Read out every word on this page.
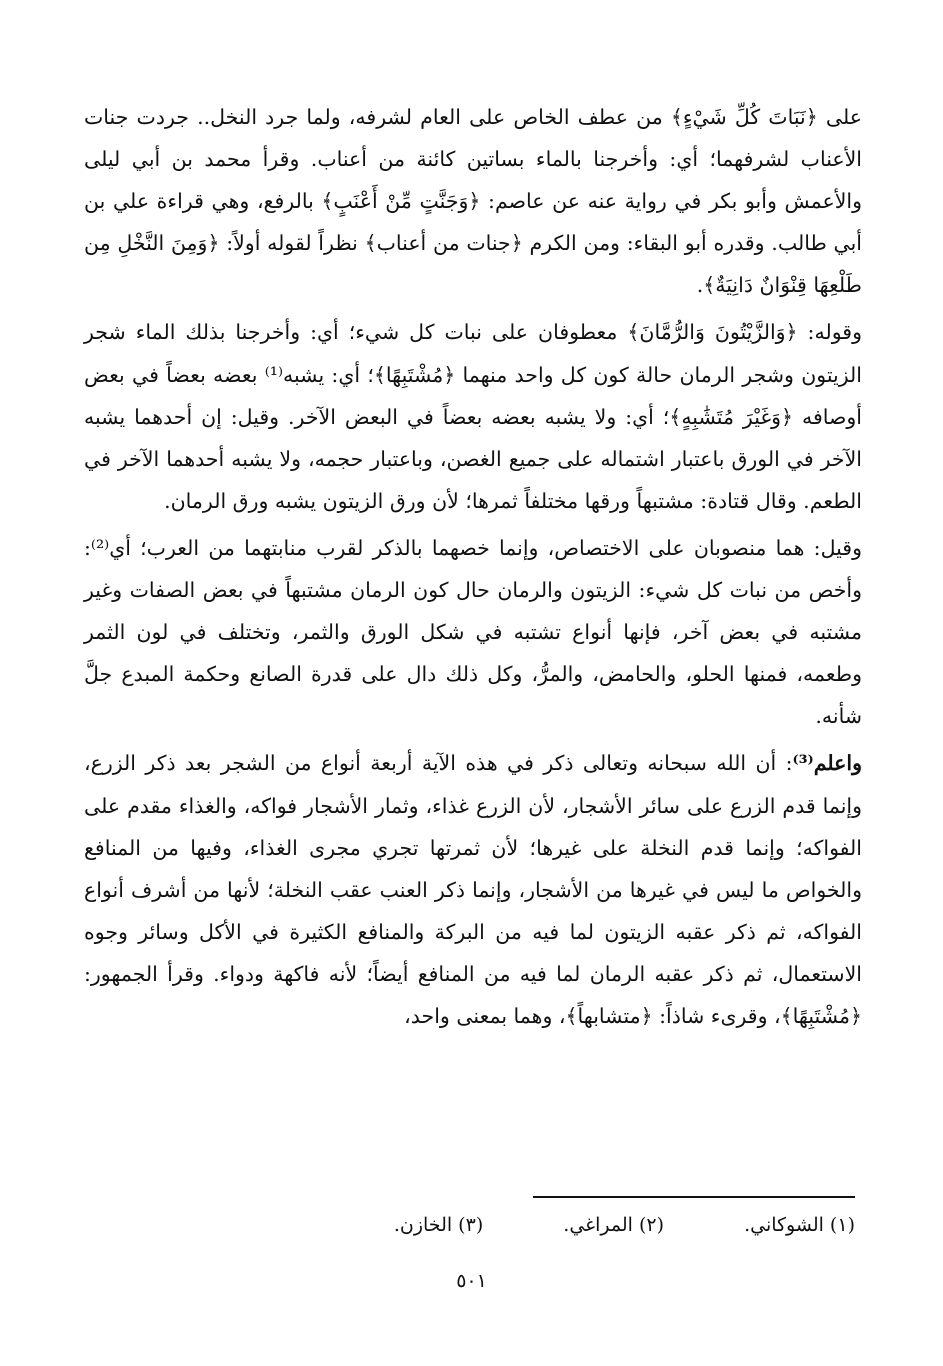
على ﴿نَبَاتَ كُلِّ شَيْءٍ﴾ من عطف الخاص على العام لشرفه، ولما جرد النخل.. جردت جنات الأعناب لشرفهما؛ أي: وأخرجنا بالماء بساتين كائنة من أعناب. وقرأ محمد بن أبي ليلى والأعمش وأبو بكر في رواية عنه عن عاصم: ﴿وَجَنَّتٍ مِّنْ أَعْنَبٍ﴾ بالرفع، وهي قراءة علي بن أبي طالب. وقدره أبو البقاء: ومن الكرم ﴿جنات من أعناب﴾ نظراً لقوله أولاً: ﴿وَمِنَ النَّخْلِ مِن طَلْعِهَا قِنْوَانٌ دَانِيَةٌ﴾.

وقوله: ﴿وَالزَّيْتُونَ وَالرُّمَّانَ﴾ معطوفان على نبات كل شيء؛ أي: وأخرجنا بذلك الماء شجر الزيتون وشجر الرمان حالة كون كل واحد منهما ﴿مُشْتَبِهًا﴾؛ أي: يشبه⁽¹⁾ بعضه بعضاً في بعض أوصافه ﴿وَغَيْرَ مُتَشَٰبِهٍ﴾؛ أي: ولا يشبه بعضه بعضاً في البعض الآخر. وقيل: إن أحدهما يشبه الآخر في الورق باعتبار اشتماله على جميع الغصن، وباعتبار حجمه، ولا يشبه أحدهما الآخر في الطعم. وقال قتادة: مشتبهاً ورقها مختلفاً ثمرها؛ لأن ورق الزيتون يشبه ورق الرمان.

وقيل: هما منصوبان على الاختصاص، وإنما خصهما بالذكر لقرب منابتهما من العرب؛ أي⁽²⁾: وأخص من نبات كل شيء: الزيتون والرمان حال كون الرمان مشتبهاً في بعض الصفات وغير مشتبه في بعض آخر، فإنها أنواع تشتبه في شكل الورق والثمر، وتختلف في لون الثمر وطعمه، فمنها الحلو، والحامض، والمرُّ، وكل ذلك دال على قدرة الصانع وحكمة المبدع جلَّ شأنه.

واعلم⁽³⁾: أن الله سبحانه وتعالى ذكر في هذه الآية أربعة أنواع من الشجر بعد ذكر الزرع، وإنما قدم الزرع على سائر الأشجار، لأن الزرع غذاء، وثمار الأشجار فواكه، والغذاء مقدم على الفواكه؛ وإنما قدم النخلة على غيرها؛ لأن ثمرتها تجري مجرى الغذاء، وفيها من المنافع والخواص ما ليس في غيرها من الأشجار، وإنما ذكر العنب عقب النخلة؛ لأنها من أشرف أنواع الفواكه، ثم ذكر عقبه الزيتون لما فيه من البركة والمنافع الكثيرة في الأكل وسائر وجوه الاستعمال، ثم ذكر عقبه الرمان لما فيه من المنافع أيضاً؛ لأنه فاكهة ودواء. وقرأ الجمهور: ﴿مُشْتَبِهًا﴾، وقرىء شاذاً: ﴿متشابهاً﴾، وهما بمعنى واحد،

(١) الشوكاني. (٢) المراغي. (٣) الخازن.
٥٠١
